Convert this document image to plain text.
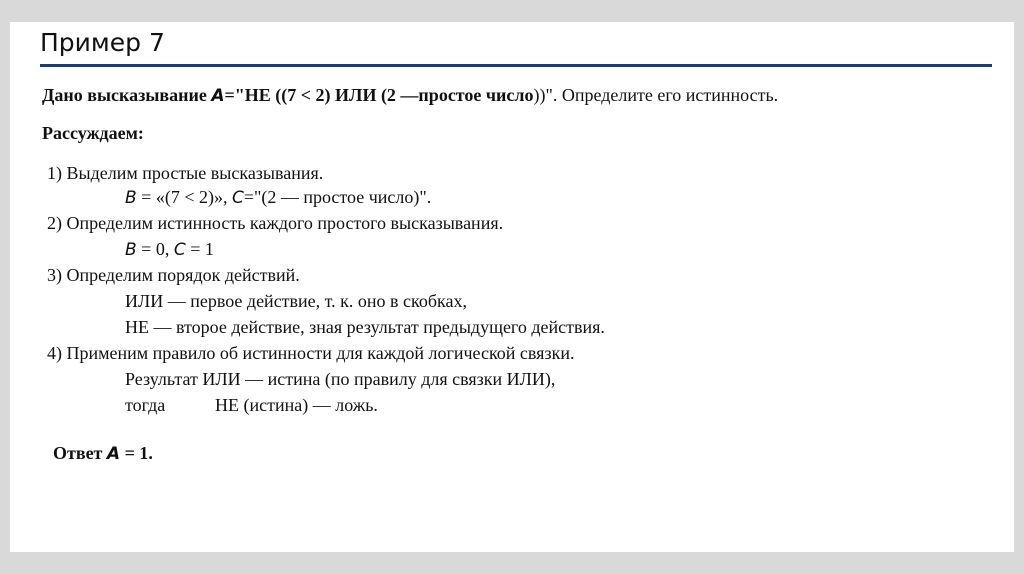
Пример 7
Дано высказывание A="НЕ ((7 < 2) ИЛИ (2 —простое число))". Определите его истинность.
Рассуждаем:
1) Выделим простые высказывания.
B = «(7 < 2)», C="(2 — простое число)".
2) Определим истинность каждого простого высказывания.
B = 0, C = 1
3) Определим порядок действий.
ИЛИ — первое действие, т. к. оно в скобках,
НЕ — второе действие, зная результат предыдущего действия.
4) Применим правило об истинности для каждой логической связки.
Результат ИЛИ — истина (по правилу для связки ИЛИ),
тогда	НЕ (истина) — ложь.
Ответ A = 1.
